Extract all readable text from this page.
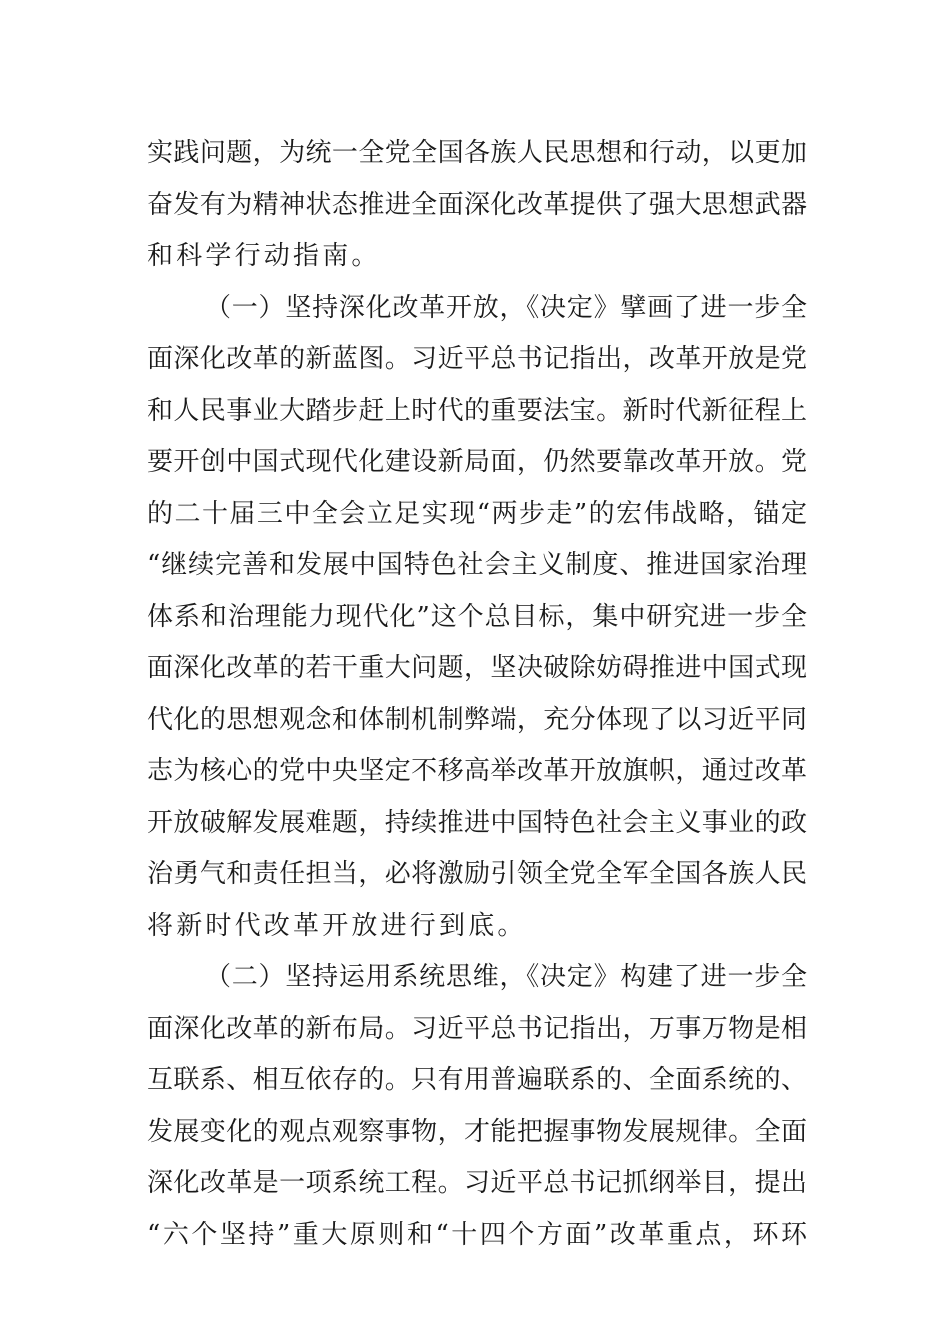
实践问题，为统一全党全国各族人民思想和行动，以更加
奋发有为精神状态推进全面深化改革提供了强大思想武器
和科学行动指南。
（一）坚持深化改革开放，《决定》擘画了进一步全
面深化改革的新蓝图。习近平总书记指出，改革开放是党
和人民事业大踏步赶上时代的重要法宝。新时代新征程上
要开创中国式现代化建设新局面，仍然要靠改革开放。党
的二十届三中全会立足实现“两步走”的宏伟战略，锚定
“继续完善和发展中国特色社会主义制度、推进国家治理
体系和治理能力现代化”这个总目标，集中研究进一步全
面深化改革的若干重大问题，坚决破除妨碍推进中国式现
代化的思想观念和体制机制弊端，充分体现了以习近平同
志为核心的党中央坚定不移高举改革开放旗帜，通过改革
开放破解发展难题，持续推进中国特色社会主义事业的政
治勇气和责任担当，必将激励引领全党全军全国各族人民
将新时代改革开放进行到底。
（二）坚持运用系统思维，《决定》构建了进一步全
面深化改革的新布局。习近平总书记指出，万事万物是相
互联系、相互依存的。只有用普遍联系的、全面系统的、
发展变化的观点观察事物，才能把握事物发展规律。全面
深化改革是一项系统工程。习近平总书记抓纲举目，提出
“六个坚持”重大原则和“十四个方面”改革重点，环环
